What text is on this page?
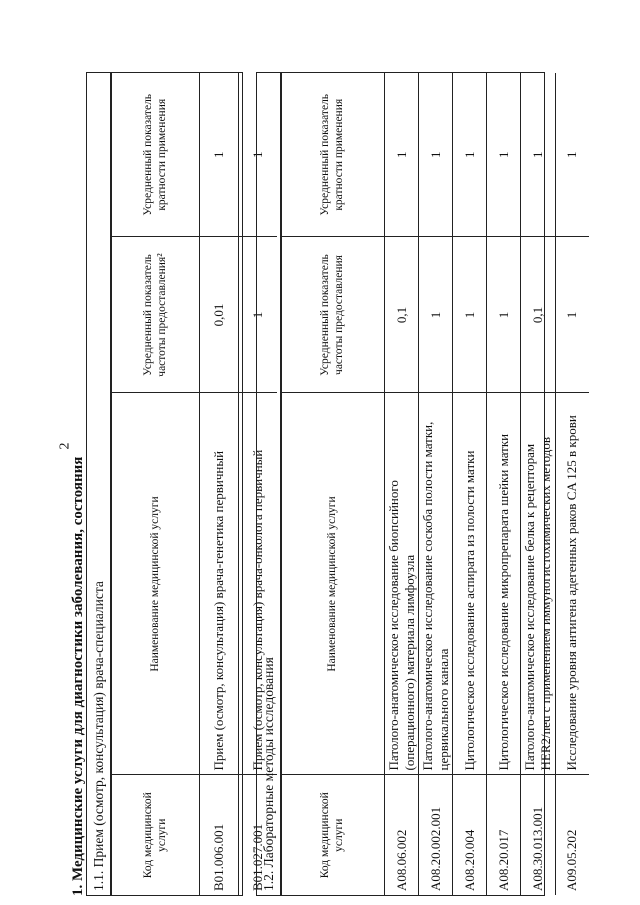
2
1. Медицинские услуги для диагностики заболевания, состояния 1.1. Прием (осмотр, консультация) врача-специалиста	Код медицинской услуги	Наименование медицинской услуги	Усредненный показатель частоты предоставления²	Усредненный показатель кратности применения
B01.006.001	Прием (осмотр, консультация) врача-генетика первичный	0,01	1
B01.027.001	Прием (осмотр, консультация) врача-онколога первичный	1	1
1.2. Лабораторные методы исследования	Код медицинской услуги	Наименование медицинской услуги	Усредненный показатель частоты предоставления	Усредненный показатель кратности применения
A08.06.002	Патолого-анатомическое исследование биопсийного (операционного) материала лимфоузла	0,1	1
A08.20.002.001	Патолого-анатомическое исследование соскоба полости матки, цервикального канала	1	1
A08.20.004	Цитологическое исследование аспирата из полости матки	1	1
A08.20.017	Цитологическое исследование микропрепарата шейки матки	1	1
A08.30.013.001	Патолого-анатомическое исследование белка к рецепторам HER2/neu с применением иммуногистохимических методов	0,1	1
A09.05.202	Исследование уровня антигена адегенных раков CA 125 в крови	1	1
